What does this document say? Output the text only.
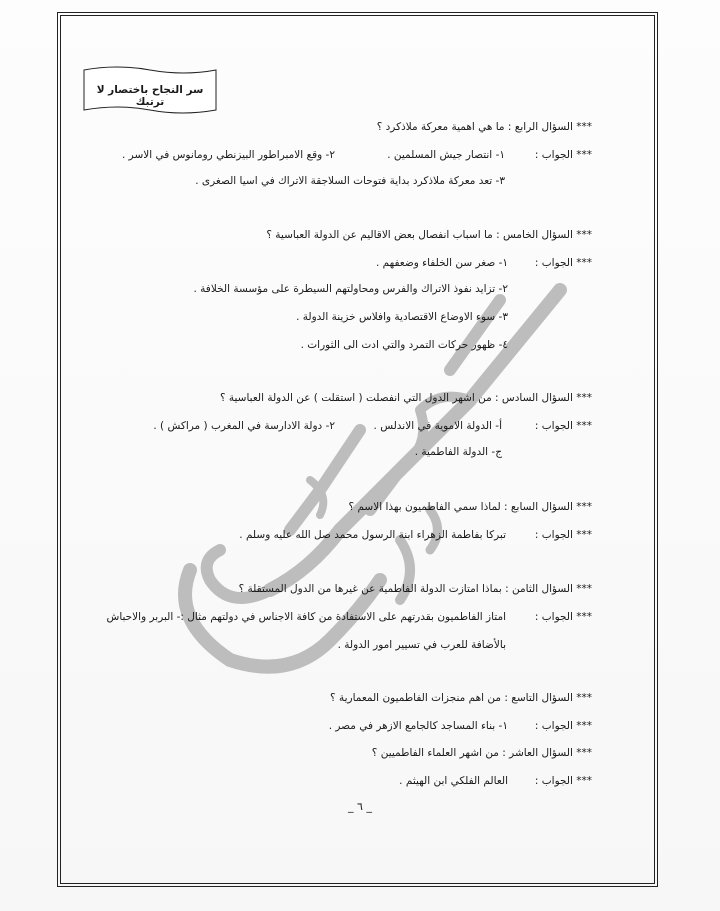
سر النجاح باختصار لا ترتبك
*** السؤال الرابع : ما هي اهمية معركة ملاذكرد ؟
*** الجواب :
١- انتصار جيش المسلمين .
٢- وقع الامبراطور البيزنطي رومانوس في الاسر .
٣- تعد معركة ملاذكرد بداية فتوحات السلاجقة الاتراك في اسيا الصغرى .
*** السؤال الخامس : ما اسباب انفصال بعض الاقاليم عن الدولة العباسية ؟
*** الجواب :
١- صغر سن الخلفاء وضعفهم .
٢- تزايد نفوذ الاتراك والفرس ومحاولتهم السيطرة على مؤسسة الخلافة .
٣- سوء الاوضاع الاقتصادية وافلاس خزينة الدولة .
٤- ظهور حركات التمرد والتي ادت الى الثورات .
*** السؤال السادس : من اشهر الدول التي انفصلت ( استقلت ) عن الدولة العباسية ؟
*** الجواب :
أ- الدولة الاموية في الاندلس .
٢- دولة الادارسة في المغرب ( مراكش ) .
ج- الدولة الفاطمية .
*** السؤال السابع : لماذا سمي الفاطميون بهذا الاسم ؟
*** الجواب :
تبركا بفاطمة الزهراء ابنة الرسول محمد صل الله عليه وسلم .
*** السؤال الثامن : بماذا امتازت الدولة الفاطمية عن غيرها من الدول المستقلة ؟
*** الجواب :
امتاز الفاطميون بقدرتهم على الاستفادة من كافة الاجناس في دولتهم مثال :- البربر والاحباش
بالأضافة للعرب في تسيير امور الدولة .
*** السؤال التاسع : من اهم منجزات الفاطميون المعمارية ؟
*** الجواب :
١- بناء المساجد كالجامع الازهر في مصر .
*** السؤال العاشر : من اشهر العلماء الفاطميين ؟
*** الجواب :
العالم الفلكي ابن الهيثم .
_ ٦ _
